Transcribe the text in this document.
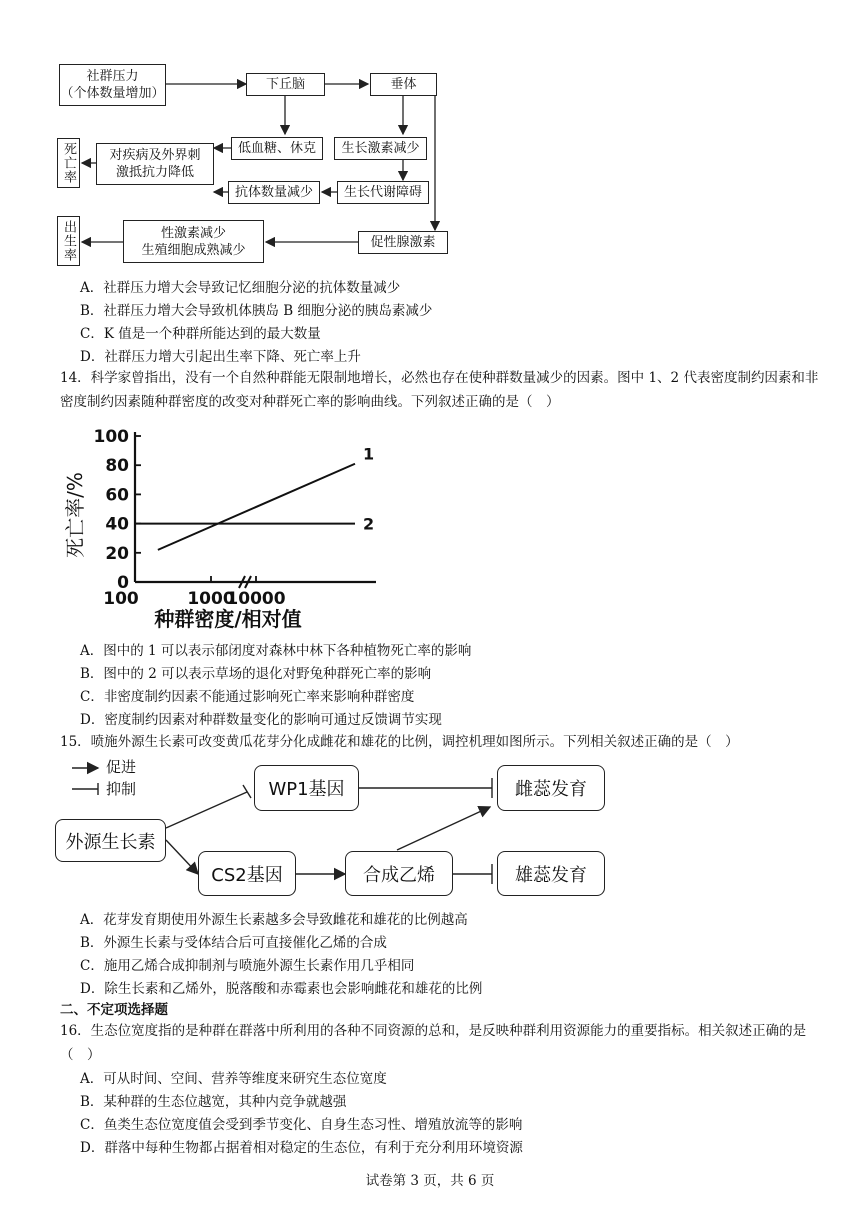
社群压力
（个体数量增加）
下丘脑	垂体
低血糖、休克	生长激素减少
对疾病及外界刺
激抵抗力降低
抗体数量减少	生长代谢障碍
死亡率
性激素减少
生殖细胞成熟减少	促性腺激素
出生率
A．社群压力增大会导致记忆细胞分泌的抗体数量减少
B．社群压力增大会导致机体胰岛 B 细胞分泌的胰岛素减少
C．K 值是一个种群所能达到的最大数量
D．社群压力增大引起出生率下降、死亡率上升
14．科学家曾指出，没有一个自然种群能无限制地增长，必然也存在使种群数量减少的因素。图中 1、2 代表密度制约因素和非密度制约因素随种群密度的改变对种群死亡率的影响曲线。下列叙述正确的是（　）
0
20
40
60
80
100
100	1000
10000
1
2
种群密度/相对值
死亡率/%
A．图中的 1 可以表示郁闭度对森林中林下各种植物死亡率的影响
B．图中的 2 可以表示草场的退化对野兔种群死亡率的影响
C．非密度制约因素不能通过影响死亡率来影响种群密度
D．密度制约因素对种群数量变化的影响可通过反馈调节实现
15．喷施外源生长素可改变黄瓜花芽分化成雌花和雄花的比例，调控机理如图所示。下列相关叙述正确的是（　）
促进
抑制
外源生长素
WP1基因
CS2基因	合成乙烯
雌蕊发育
雄蕊发育
A．花芽发育期使用外源生长素越多会导致雌花和雄花的比例越高
B．外源生长素与受体结合后可直接催化乙烯的合成
C．施用乙烯合成抑制剂与喷施外源生长素作用几乎相同
D．除生长素和乙烯外，脱落酸和赤霉素也会影响雌花和雄花的比例
二、不定项选择题
16．生态位宽度指的是种群在群落中所利用的各种不同资源的总和，是反映种群利用资源能力的重要指标。相关叙述正确的是（　）
A．可从时间、空间、营养等维度来研究生态位宽度
B．某种群的生态位越宽，其种内竞争就越强
C．鱼类生态位宽度值会受到季节变化、自身生态习性、增殖放流等的影响
D．群落中每种生物都占据着相对稳定的生态位，有利于充分利用环境资源
试卷第 3 页，共 6 页
